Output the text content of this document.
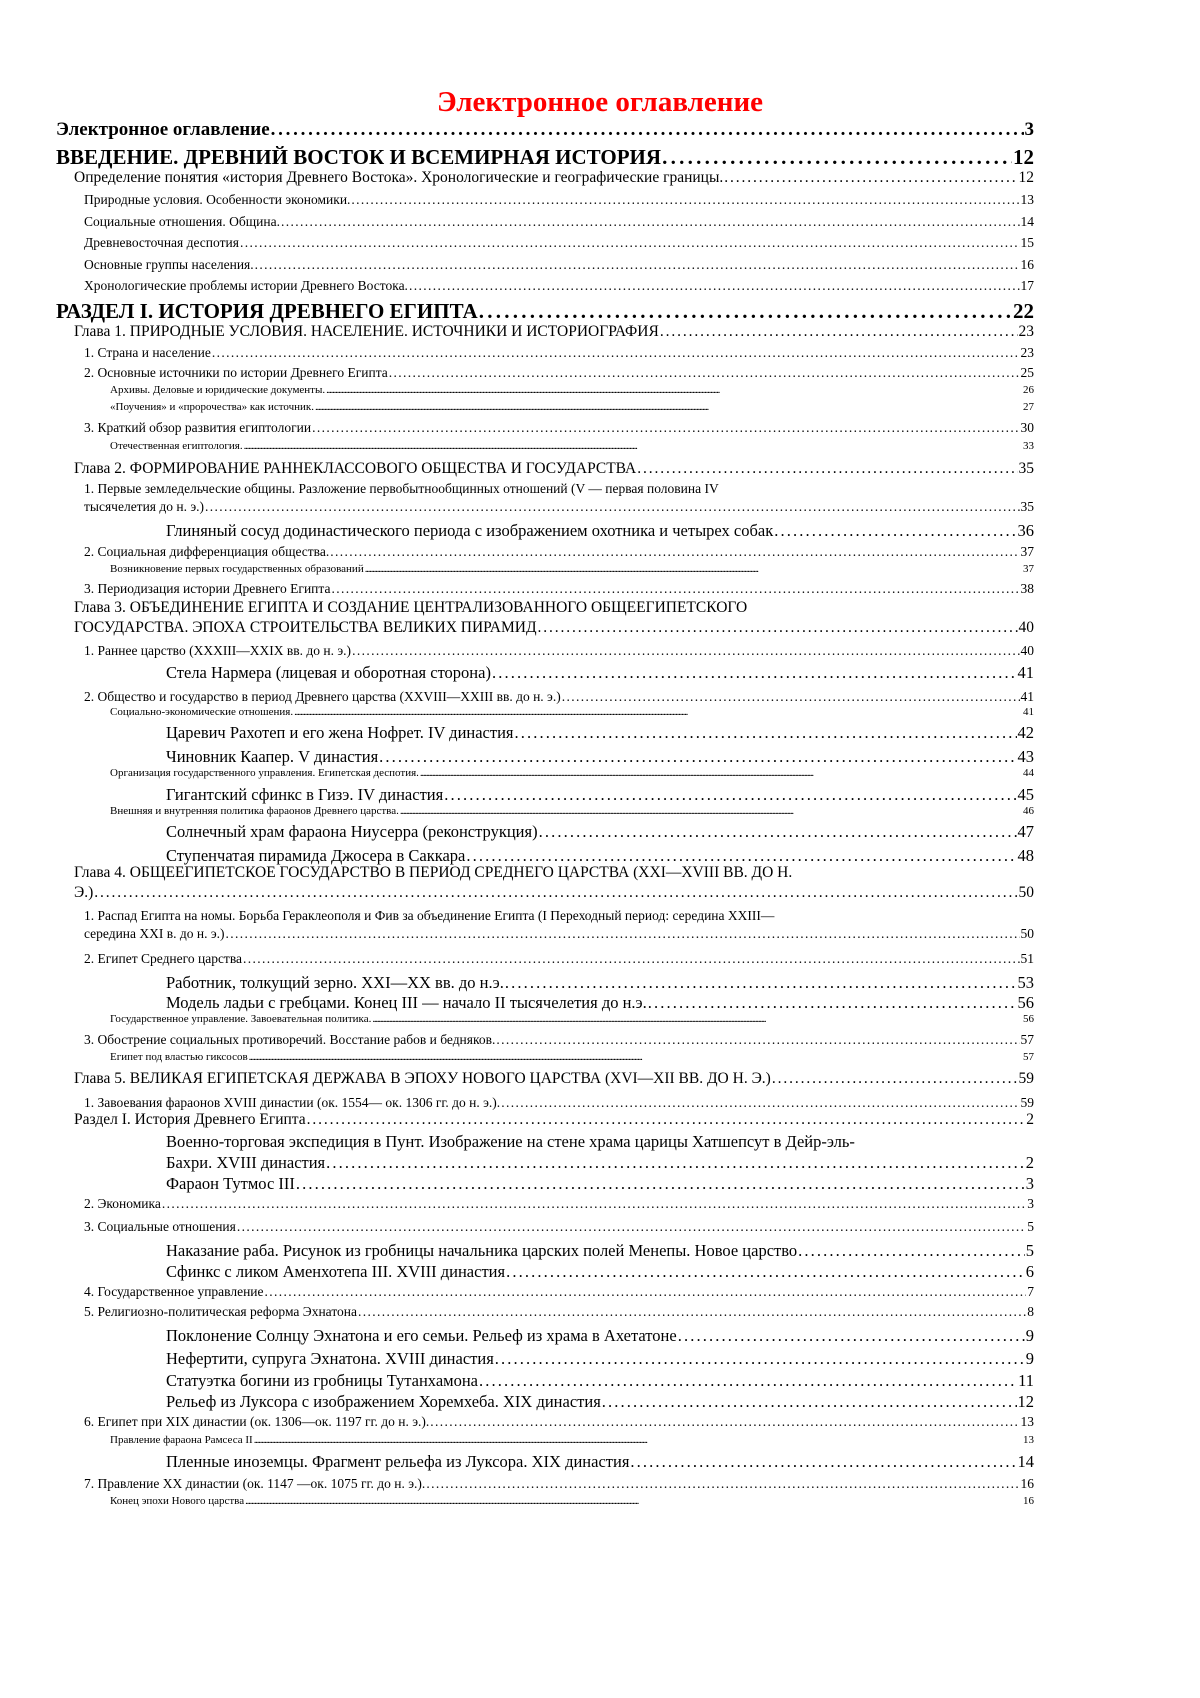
Электронное оглавление
Электронное оглавление . . .	3
ВВЕДЕНИЕ. ДРЕВНИЙ ВОСТОК И ВСЕМИРНАЯ ИСТОРИЯ . . .	12
Определение понятия «история Древнего Востока». Хронологические и географические границы. . . .	12
Природные условия. Особенности экономики. . . .	13
Социальные отношения. Община. . . .	14
Древневосточная деспотия . . .	15
Основные группы населения. . . .	16
Хронологические проблемы истории Древнего Востока. . . .	17
РАЗДЕЛ I. ИСТОРИЯ ДРЕВНЕГО ЕГИПТА . . .	22
Глава 1. ПРИРОДНЫЕ УСЛОВИЯ. НАСЕЛЕНИЕ. ИСТОЧНИКИ И ИСТОРИОГРАФИЯ . . .	23
1. Страна и население . . .	23
2. Основные источники по истории Древнего Египта . . .	25
Архивы. Деловые и юридические документы. . . .	26
«Поучения» и «пророчества» как источник. . . .	27
3. Краткий обзор развития египтологии . . .	30
Отечественная египтология. . . .	33
Глава 2. ФОРМИРОВАНИЕ РАННЕКЛАССОВОГО ОБЩЕСТВА И ГОСУДАРСТВА . . .	35
1. Первые земледельческие общины. Разложение первобытнообщинных отношений (V — первая половина IV
тысячелетия до н. э.) . . .	35
Глиняный сосуд додинастического периода с изображением охотника и четырех собак . . .	36
2. Социальная дифференциация общества. . . .	37
Возникновение первых государственных образований . . .	37
3. Периодизация истории Древнего Египта . . .	38
Глава 3. ОБЪЕДИНЕНИЕ ЕГИПТА И СОЗДАНИЕ ЦЕНТРАЛИЗОВАННОГО ОБЩЕЕГИПЕТСКОГО
ГОСУДАРСТВА. ЭПОХА СТРОИТЕЛЬСТВА ВЕЛИКИХ ПИРАМИД . . .	40
1. Раннее царство (XXXIII—XXIX вв. до н. э.) . . .	40
Стела Нармера (лицевая и оборотная сторона) . . .	41
2. Общество и государство в период Древнего царства (XXVIII—XXIII вв. до н. э.) . . .	41
Социально-экономические отношения. . . .	41
Царевич Рахотеп и его жена Нофрет. IV династия . . .	42
Чиновник Каапер. V династия . . .	43
Организация государственного управления. Египетская деспотия. . . .	44
Гигантский сфинкс в Гизэ. IV династия . . .	45
Внешняя и внутренняя политика фараонов Древнего царства. . . .	46
Солнечный храм фараона Ниусерра (реконструкция) . . .	47
Ступенчатая пирамида Джосера в Саккара . . .	48
Глава 4. ОБЩЕЕГИПЕТСКОЕ ГОСУДАРСТВО В ПЕРИОД СРЕДНЕГО ЦАРСТВА (XXI—XVIII ВВ. ДО Н.
Э.) . . .	50
1. Распад Египта на номы. Борьба Гераклеополя и Фив за объединение Египта (I Переходный период: середина XXIII—
середина XXI в. до н. э.) . . .	50
2. Египет Среднего царства . . .	51
Работник, толкущий зерно. XXI—XX вв. до н.э. . . .	53
Модель ладьи с гребцами. Конец III — начало II тысячелетия до н.э. . . .	56
Государственное управление. Завоевательная политика. . . .	56
3. Обострение социальных противоречий. Восстание рабов и бедняков. . . .	57
Египет под властью гиксосов . . .	57
Глава 5. ВЕЛИКАЯ ЕГИПЕТСКАЯ ДЕРЖАВА В ЭПОХУ НОВОГО ЦАРСТВА (XVI—XII ВВ. ДО Н. Э.) . . .	59
1. Завоевания фараонов XVIII династии (ок. 1554— ок. 1306 гг. до н. э.). . . .	59
Раздел I. История Древнего Египта . . .	2
Военно-торговая экспедиция в Пунт. Изображение на стене храма царицы Хатшепсут в Дейр-эль-
Бахри. XVIII династия . . .	2
Фараон Тутмос III . . .	3
2. Экономика . . .	3
3. Социальные отношения . . .	5
Наказание раба. Рисунок из гробницы начальника царских полей Менепы. Новое царство . . .	5
Сфинкс с ликом Аменхотепа III. XVIII династия . . .	6
4. Государственное управление . . .	7
5. Религиозно-политическая реформа Эхнатона . . .	8
Поклонение Солнцу Эхнатона и его семьи. Рельеф из храма в Ахетатоне . . .	9
Нефертити, супруга Эхнатона. XVIII династия . . .	9
Статуэтка богини из гробницы Тутанхамона . . .	11
Рельеф из Луксора с изображением Хоремхеба. XIX династия . . .	12
6. Египет при XIX династии (ок. 1306—ок. 1197 гг. до н. э.). . . .	13
Правление фараона Рамсеса II . . .	13
Пленные иноземцы. Фрагмент рельефа из Луксора. XIX династия . . .	14
7. Правление XX династии (ок. 1147 —ок. 1075 гг. до н. э.). . . .	16
Конец эпохи Нового царства . . .	16
